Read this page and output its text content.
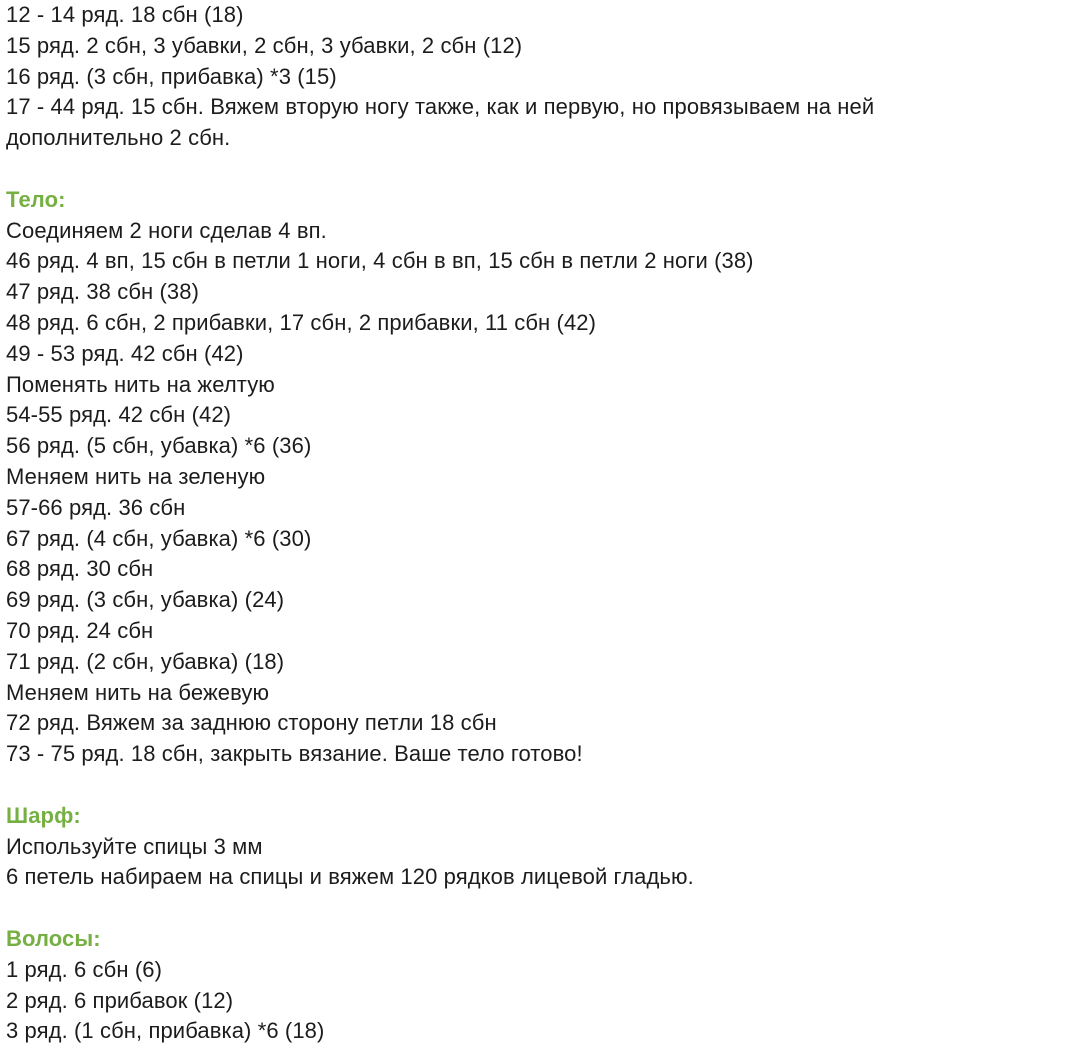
12 - 14 ряд. 18 сбн (18)
15 ряд. 2 сбн, 3 убавки, 2 сбн, 3 убавки, 2 сбн (12)
16 ряд. (3 сбн, прибавка) *3 (15)
17 - 44 ряд. 15 сбн. Вяжем вторую ногу также, как и первую, но провязываем на ней
дополнительно 2 сбн.
Тело:
Соединяем 2 ноги сделав 4 вп.
46 ряд. 4 вп, 15 сбн в петли 1 ноги, 4 сбн в вп, 15 сбн в петли 2 ноги (38)
47 ряд. 38 сбн (38)
48 ряд. 6 сбн, 2 прибавки, 17 сбн, 2 прибавки, 11 сбн (42)
49 - 53 ряд. 42 сбн (42)
Поменять нить на желтую
54-55 ряд. 42 сбн (42)
56 ряд. (5 сбн, убавка) *6 (36)
Меняем нить на зеленую
57-66 ряд. 36 сбн
67 ряд. (4 сбн, убавка) *6 (30)
68 ряд. 30 сбн
69 ряд. (3 сбн, убавка) (24)
70 ряд. 24 сбн
71 ряд. (2 сбн, убавка) (18)
Меняем нить на бежевую
72 ряд. Вяжем за заднюю сторону петли 18 сбн
73 - 75 ряд. 18 сбн, закрыть вязание. Ваше тело готово!
Шарф:
Используйте спицы 3 мм
6 петель набираем на спицы и вяжем 120 рядков лицевой гладью.
Волосы:
1 ряд. 6 сбн (6)
2 ряд. 6 прибавок (12)
3 ряд. (1 сбн, прибавка) *6 (18)
